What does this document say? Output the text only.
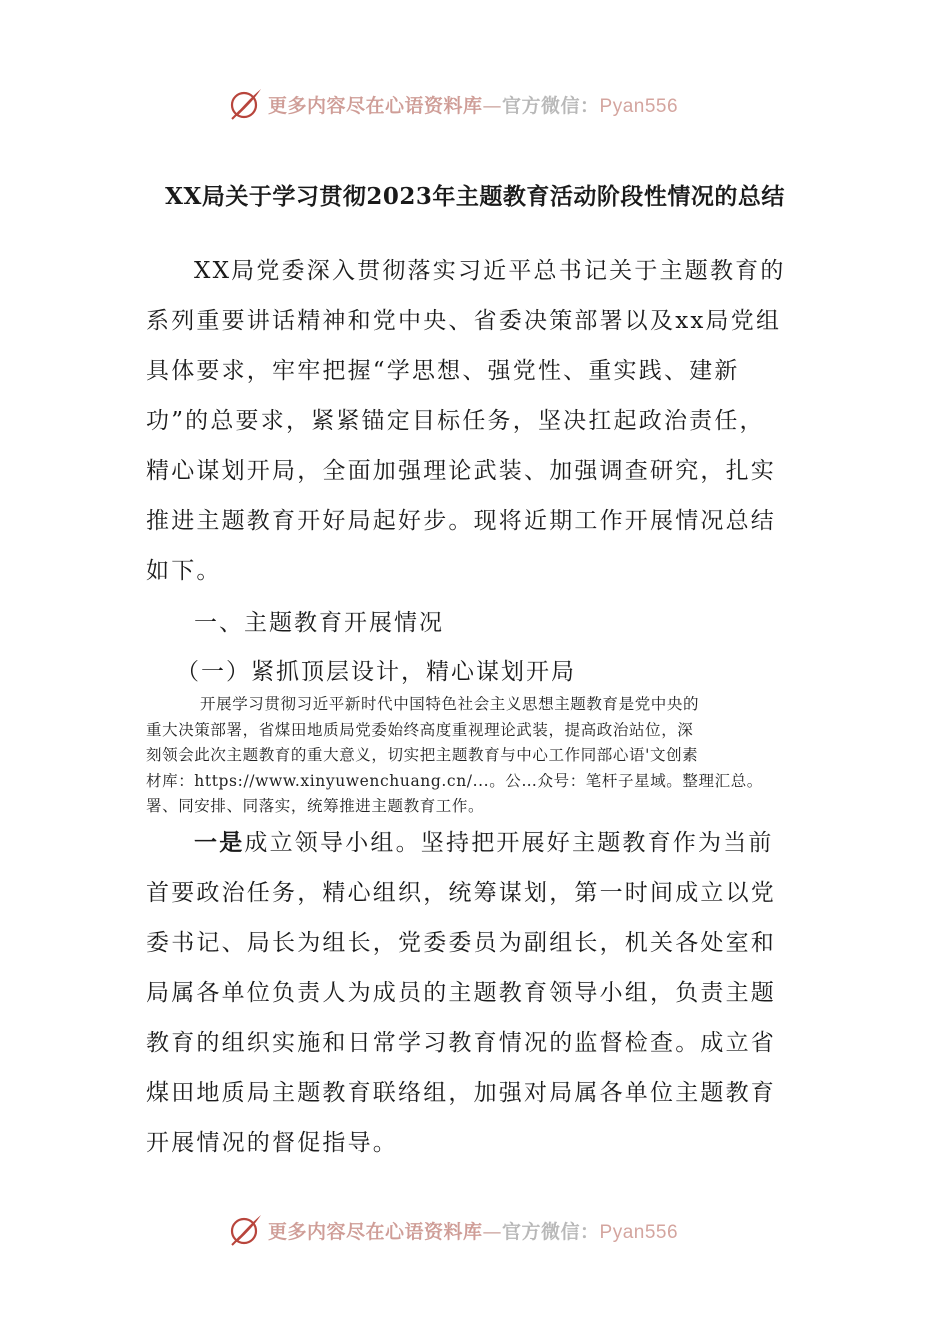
更多内容尽在心语资料库—官方微信：Pyan556
XX局关于学习贯彻2023年主题教育活动阶段性情况的总结
XX局党委深入贯彻落实习近平总书记关于主题教育的
系列重要讲话精神和党中央、省委决策部署以及xx局党组
具体要求，牢牢把握“学思想、强党性、重实践、建新
功”的总要求，紧紧锚定目标任务，坚决扛起政治责任，
精心谋划开局，全面加强理论武装、加强调查研究，扎实
推进主题教育开好局起好步。现将近期工作开展情况总结
如下。
一、主题教育开展情况
（一）紧抓顶层设计，精心谋划开局
开展学习贯彻习近平新时代中国特色社会主义思想主题教育是党中央的
重大决策部署，省煤田地质局党委始终高度重视理论武装，提高政治站位，深
刻领会此次主题教育的重大意义，切实把主题教育与中心工作同部心语'文创素
材库：https://www.xinyuwenchuang.cn/...。公…众号：笔杆子星域。整理汇总。
署、同安排、同落实，统筹推进主题教育工作。
一是成立领导小组。坚持把开展好主题教育作为当前
首要政治任务，精心组织，统筹谋划，第一时间成立以党
委书记、局长为组长，党委委员为副组长，机关各处室和
局属各单位负责人为成员的主题教育领导小组，负责主题
教育的组织实施和日常学习教育情况的监督检查。成立省
煤田地质局主题教育联络组，加强对局属各单位主题教育
开展情况的督促指导。
更多内容尽在心语资料库—官方微信：Pyan556
